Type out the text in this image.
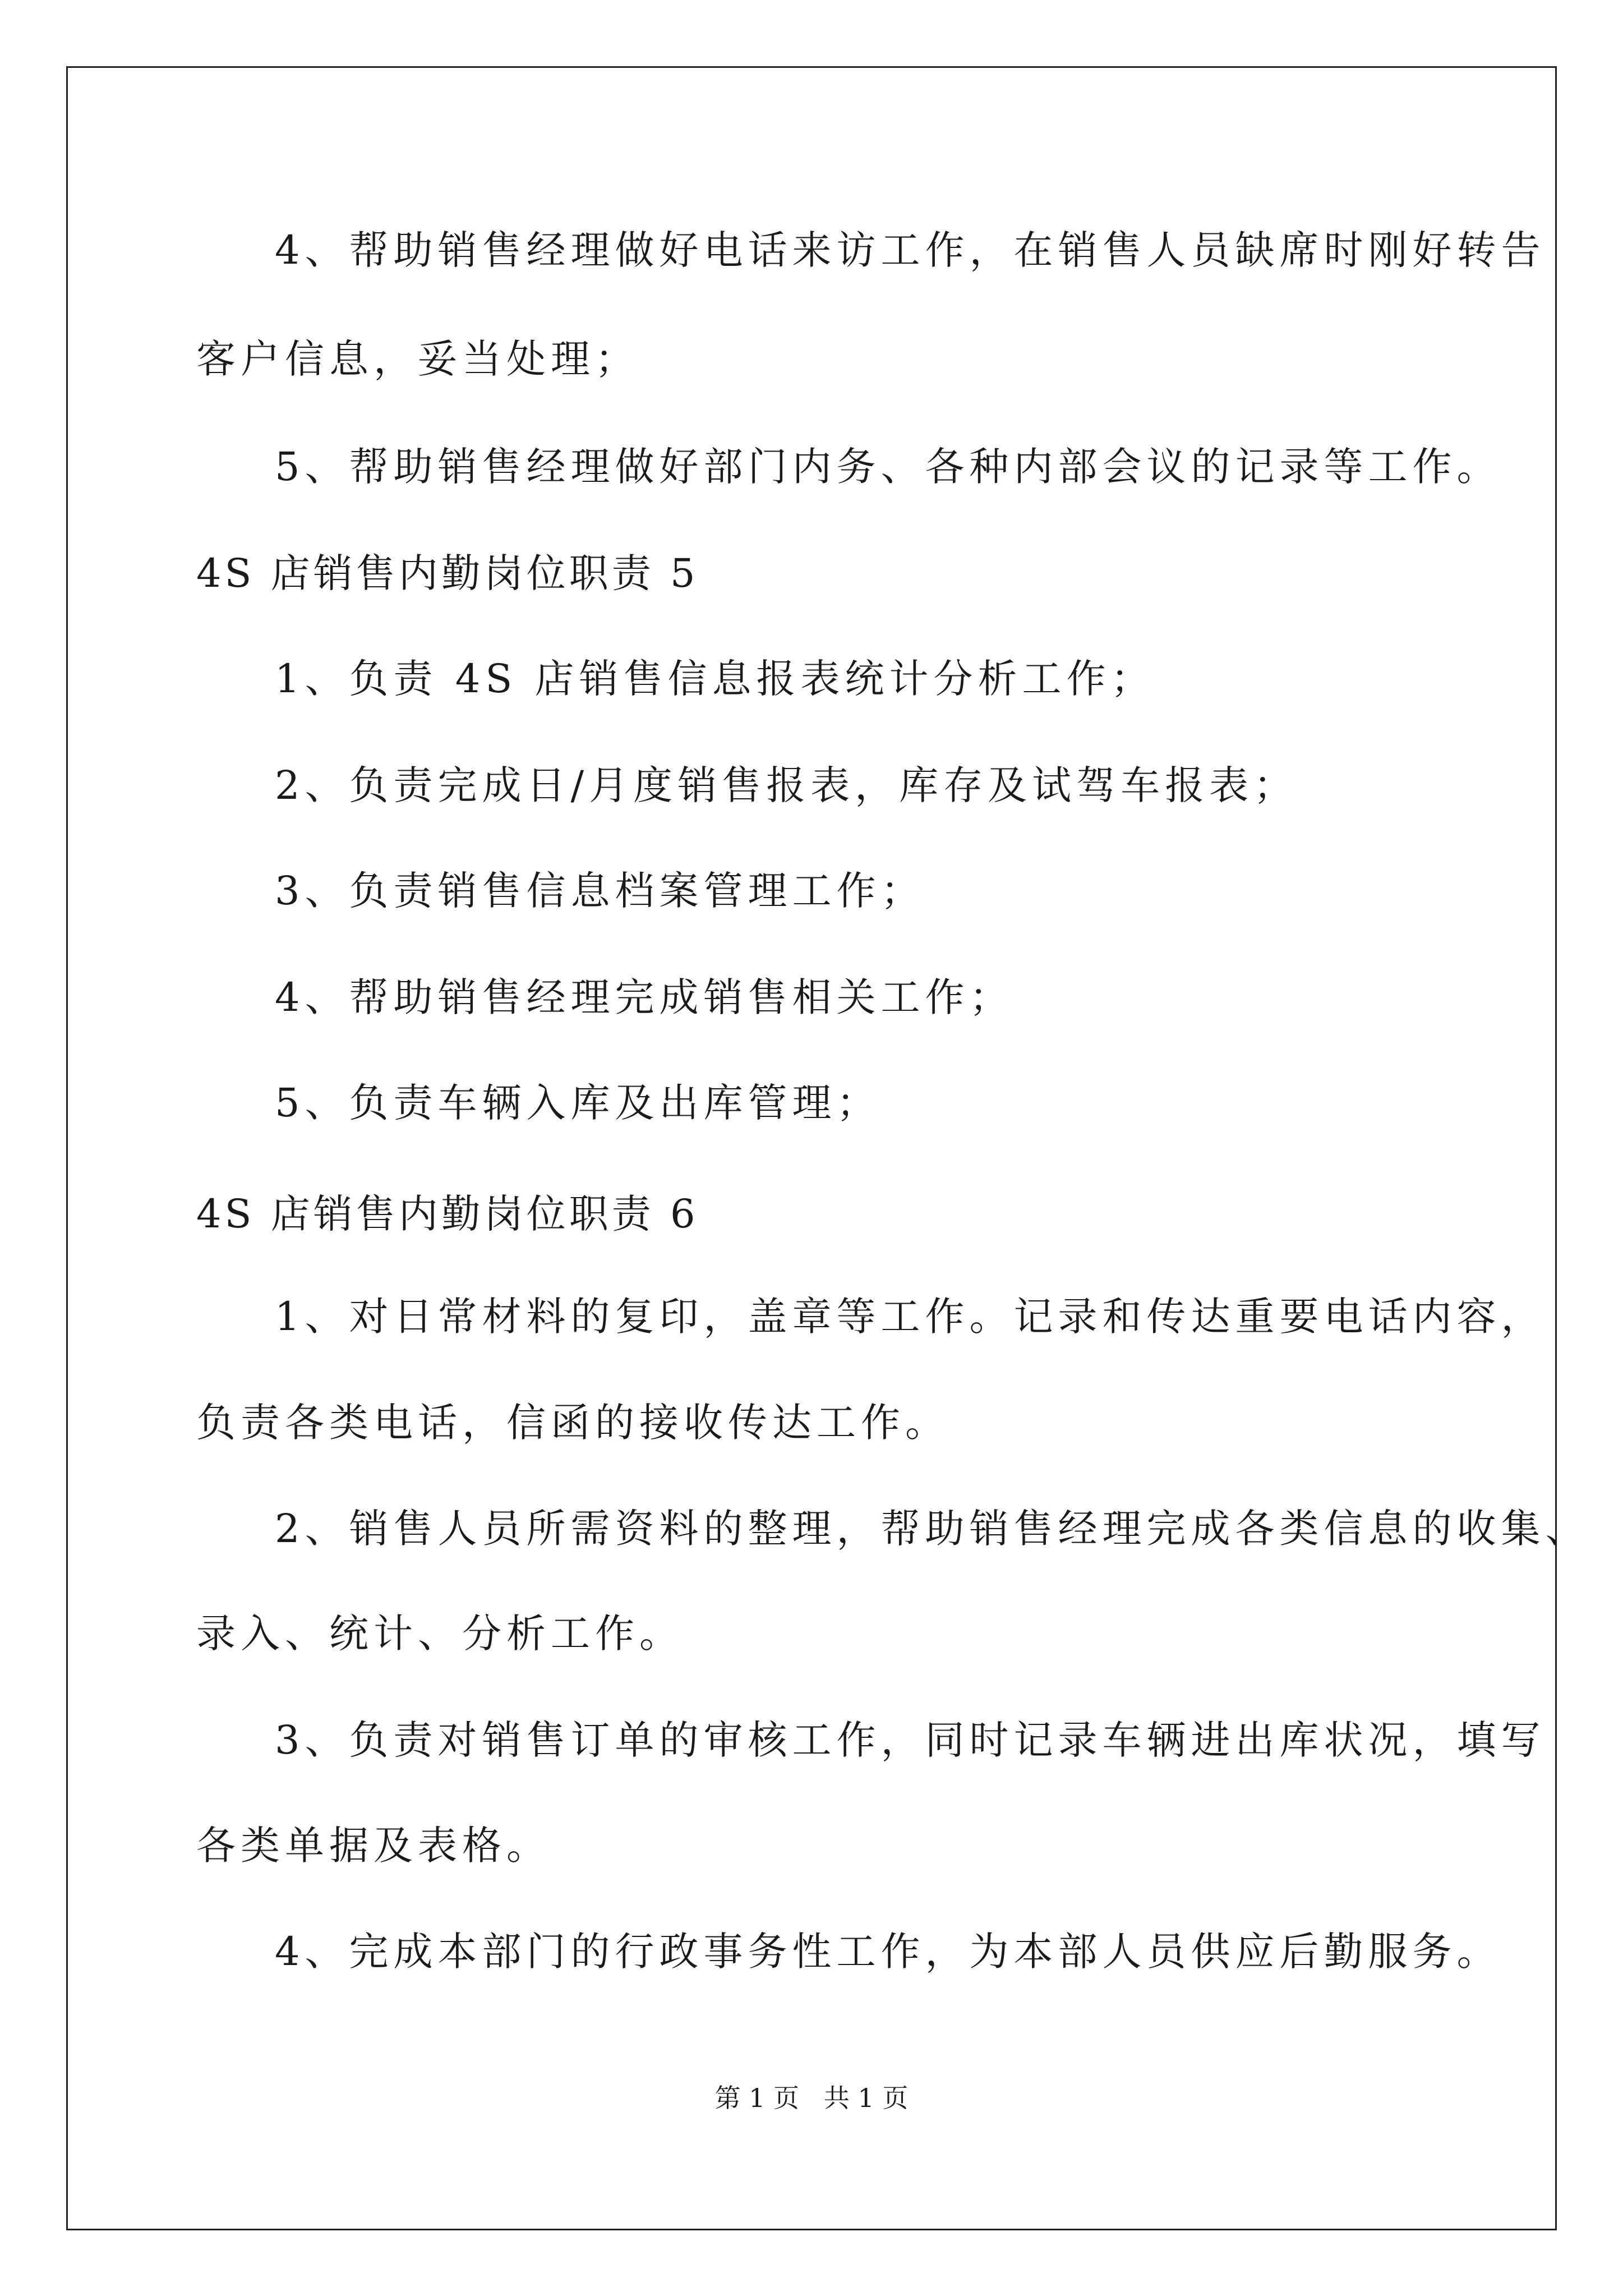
4、帮助销售经理做好电话来访工作，在销售人员缺席时刚好转告
客户信息，妥当处理；
5、帮助销售经理做好部门内务、各种内部会议的记录等工作。
4S 店销售内勤岗位职责 5
1、负责 4S 店销售信息报表统计分析工作；
2、负责完成日/月度销售报表，库存及试驾车报表；
3、负责销售信息档案管理工作；
4、帮助销售经理完成销售相关工作；
5、负责车辆入库及出库管理；
4S 店销售内勤岗位职责 6
1、对日常材料的复印，盖章等工作。记录和传达重要电话内容，
负责各类电话，信函的接收传达工作。
2、销售人员所需资料的整理，帮助销售经理完成各类信息的收集、
录入、统计、分析工作。
3、负责对销售订单的审核工作，同时记录车辆进出库状况，填写
各类单据及表格。
4、完成本部门的行政事务性工作，为本部人员供应后勤服务。
第 1 页   共 1 页
